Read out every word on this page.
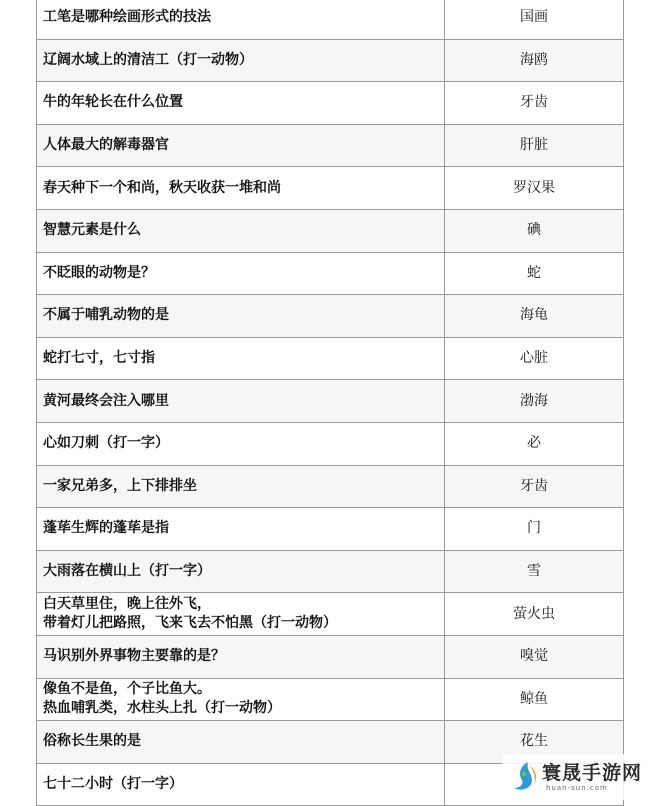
工笔是哪种绘画形式的技法	国画

辽阔水域上的清洁工（打一动物）	海鸥

牛的年轮长在什么位置	牙齿

人体最大的解毒器官	肝脏

春天种下一个和尚，秋天收获一堆和尚	罗汉果

智慧元素是什么	碘

不眨眼的动物是？	蛇

不属于哺乳动物的是	海龟

蛇打七寸，七寸指	心脏

黄河最终会注入哪里	渤海

心如刀刺（打一字）	必

一家兄弟多，上下排排坐	牙齿

蓬荜生辉的蓬荜是指	门

大雨落在横山上（打一字）	雪

白天草里住，晚上往外飞，
带着灯儿把路照，飞来飞去不怕黑（打一动物）	萤火虫

马识别外界事物主要靠的是？	嗅觉

像鱼不是鱼，个子比鱼大。
热血哺乳类，水柱头上扎（打一动物）	鲸鱼

俗称长生果的是	花生

七十二小时（打一字）	
		寰晟手游网
huan-sun.com
